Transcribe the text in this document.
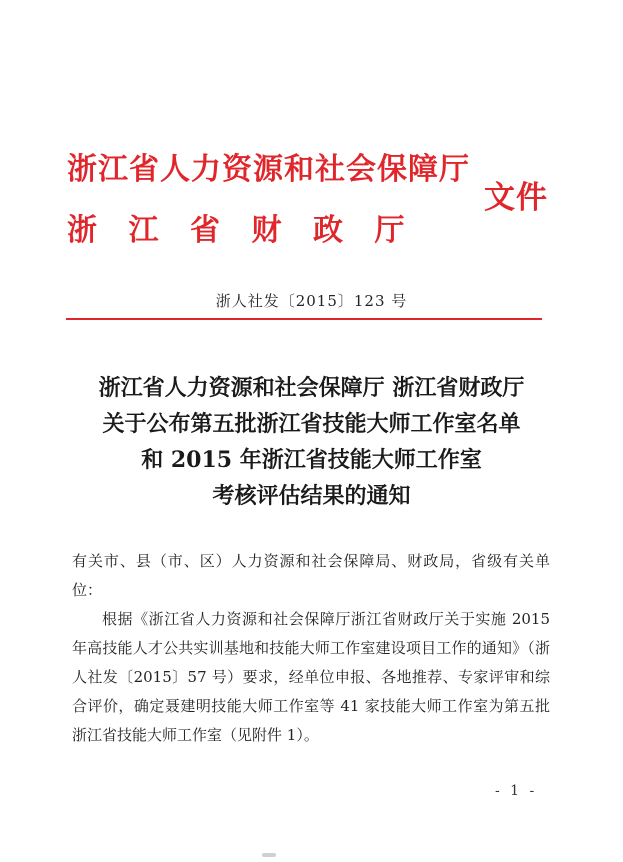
浙江省人力资源和社会保障厅
浙江省财政厅
文件
浙人社发〔2015〕123 号
浙江省人力资源和社会保障厅 浙江省财政厅
关于公布第五批浙江省技能大师工作室名单
和 2015 年浙江省技能大师工作室
考核评估结果的通知

有关市、县（市、区）人力资源和社会保障局、财政局，省级有关单位：

根据《浙江省人力资源和社会保障厅浙江省财政厅关于实施 2015 年高技能人才公共实训基地和技能大师工作室建设项目工作的通知》（浙人社发〔2015〕57 号）要求，经单位申报、各地推荐、专家评审和综合评价，确定聂建明技能大师工作室等 41 家技能大师工作室为第五批浙江省技能大师工作室（见附件 1）。

- 1 -
